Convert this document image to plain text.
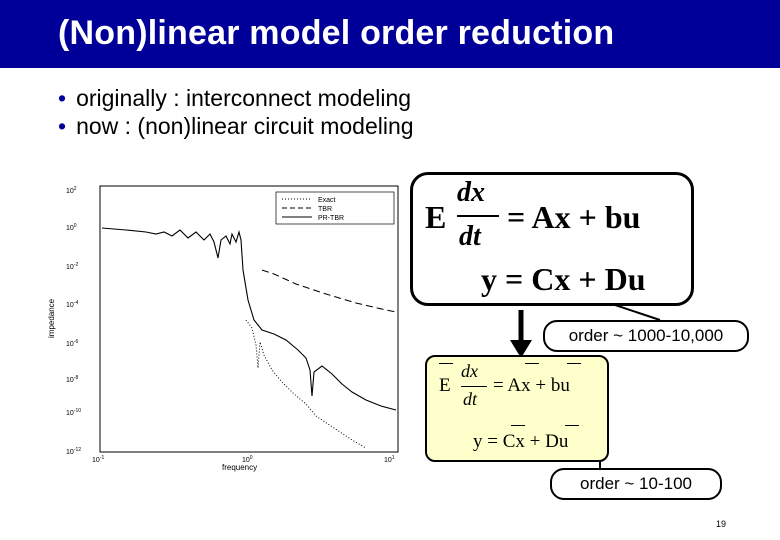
(Non)linear model order reduction
• originally : interconnect modeling
• now : (non)linear circuit modeling
$10^2$
$10^0$
$10^{-2}$
$10^{-4}$
$10^{-6}$
$10^{-8}$
$10^{-10}$
$10^{-12}$
$10^{-1}$	$10^0$	$10^1$
frequency
impedance
Exact
TBR
PR-TBR	E
dx
dt
= Ax + bu
y = Cx + Du
order ~ 1000-10,000
E
dx
dt
= Ax + bu
y = Cx + Du
order ~ 10-100
19
